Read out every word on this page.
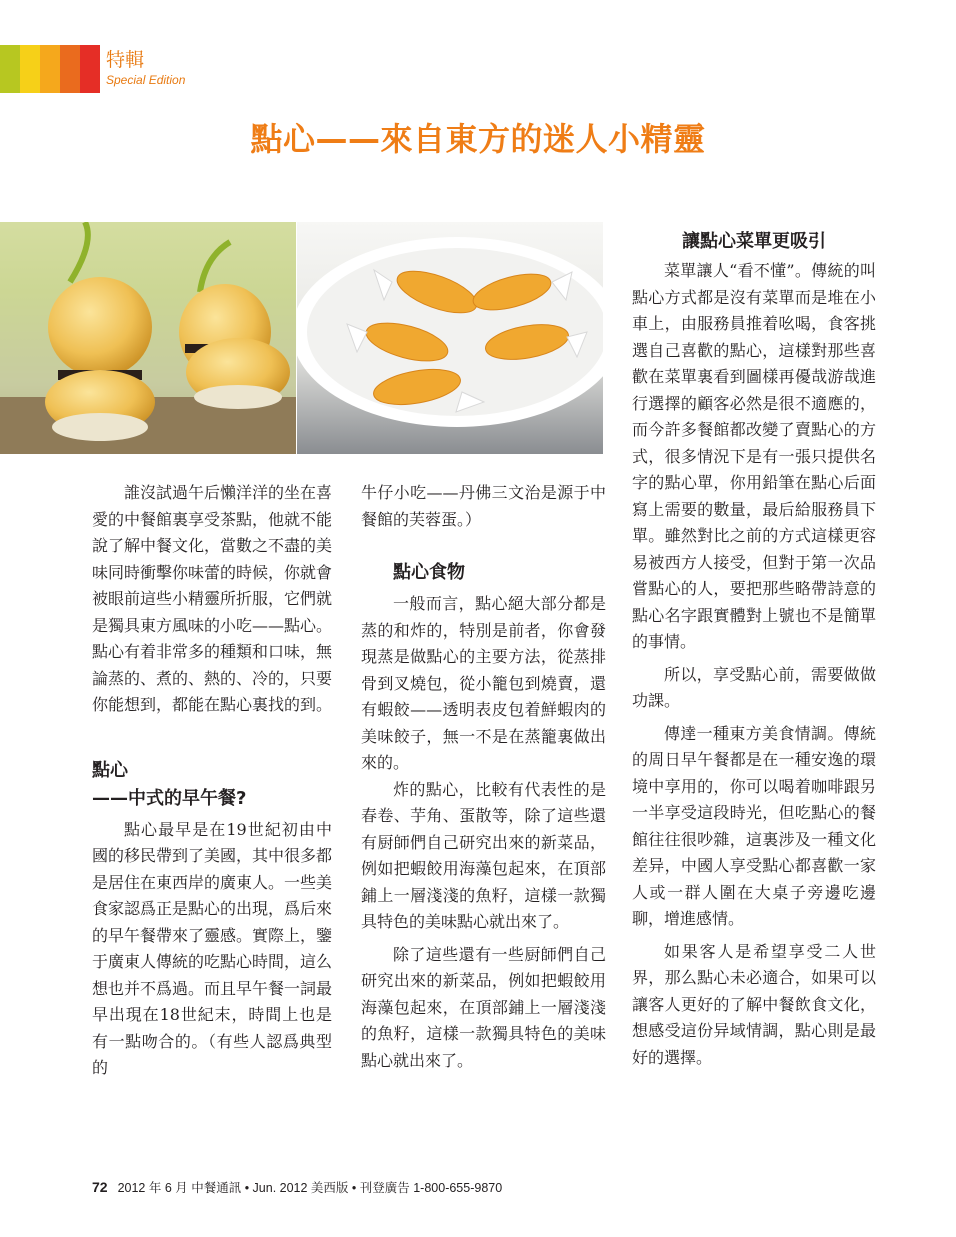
特輯
Special Edition
點心——來自東方的迷人小精靈

誰沒試過午后懶洋洋的坐在喜愛的中餐館裏享受茶點，他就不能說了解中餐文化，當數之不盡的美味同時衝擊你味蕾的時候，你就會被眼前這些小精靈所折服，它們就是獨具東方風味的小吃——點心。點心有着非常多的種類和口味，無論蒸的、煮的、熱的、冷的，只要你能想到，都能在點心裏找的到。

點心
——中式的早午餐?

點心最早是在19世紀初由中國的移民帶到了美國，其中很多都是居住在東西岸的廣東人。一些美食家認爲正是點心的出現，爲后來的早午餐帶來了靈感。實際上，鑒于廣東人傳統的吃點心時間，這么想也并不爲過。而且早午餐一詞最早出現在18世紀末，時間上也是有一點吻合的。（有些人認爲典型的

牛仔小吃——丹佛三文治是源于中餐館的芙蓉蛋。）

點心食物

一般而言，點心絕大部分都是蒸的和炸的，特別是前者，你會發現蒸是做點心的主要方法，從蒸排骨到叉燒包，從小籠包到燒賣，還有蝦餃——透明表皮包着鮮蝦肉的美味餃子，無一不是在蒸籠裏做出來的。

炸的點心，比較有代表性的是春卷、芋角、蛋散等，除了這些還有厨師們自己研究出來的新菜品，例如把蝦餃用海藻包起來，在頂部鋪上一層淺淺的魚籽，這樣一款獨具特色的美味點心就出來了。

除了這些還有一些厨師們自己研究出來的新菜品，例如把蝦餃用海藻包起來，在頂部鋪上一層淺淺的魚籽，這樣一款獨具特色的美味點心就出來了。

讓點心菜單更吸引

菜單讓人“看不懂”。傳統的叫點心方式都是沒有菜單而是堆在小車上，由服務員推着吆喝，食客挑選自己喜歡的點心，這樣對那些喜歡在菜單裏看到圖樣再優哉游哉進行選擇的顧客必然是很不適應的，而今許多餐館都改變了賣點心的方式，很多情況下是有一張只提供名字的點心單，你用鉛筆在點心后面寫上需要的數量，最后給服務員下單。雖然對比之前的方式這樣更容易被西方人接受，但對于第一次品嘗點心的人，要把那些略帶詩意的點心名字跟實體對上號也不是簡單的事情。

所以，享受點心前，需要做做功課。

傳達一種東方美食情調。傳統的周日早午餐都是在一種安逸的環境中享用的，你可以喝着咖啡跟另一半享受這段時光，但吃點心的餐館往往很吵雜，這裏涉及一種文化差异，中國人享受點心都喜歡一家人或一群人圍在大桌子旁邊吃邊聊，增進感情。

如果客人是希望享受二人世界，那么點心未必適合，如果可以讓客人更好的了解中餐飲食文化，想感受這份异域情調，點心則是最好的選擇。

72 2012 年 6 月 中餐通訊 • Jun. 2012 美西版 • 刊登廣告 1-800-655-9870
